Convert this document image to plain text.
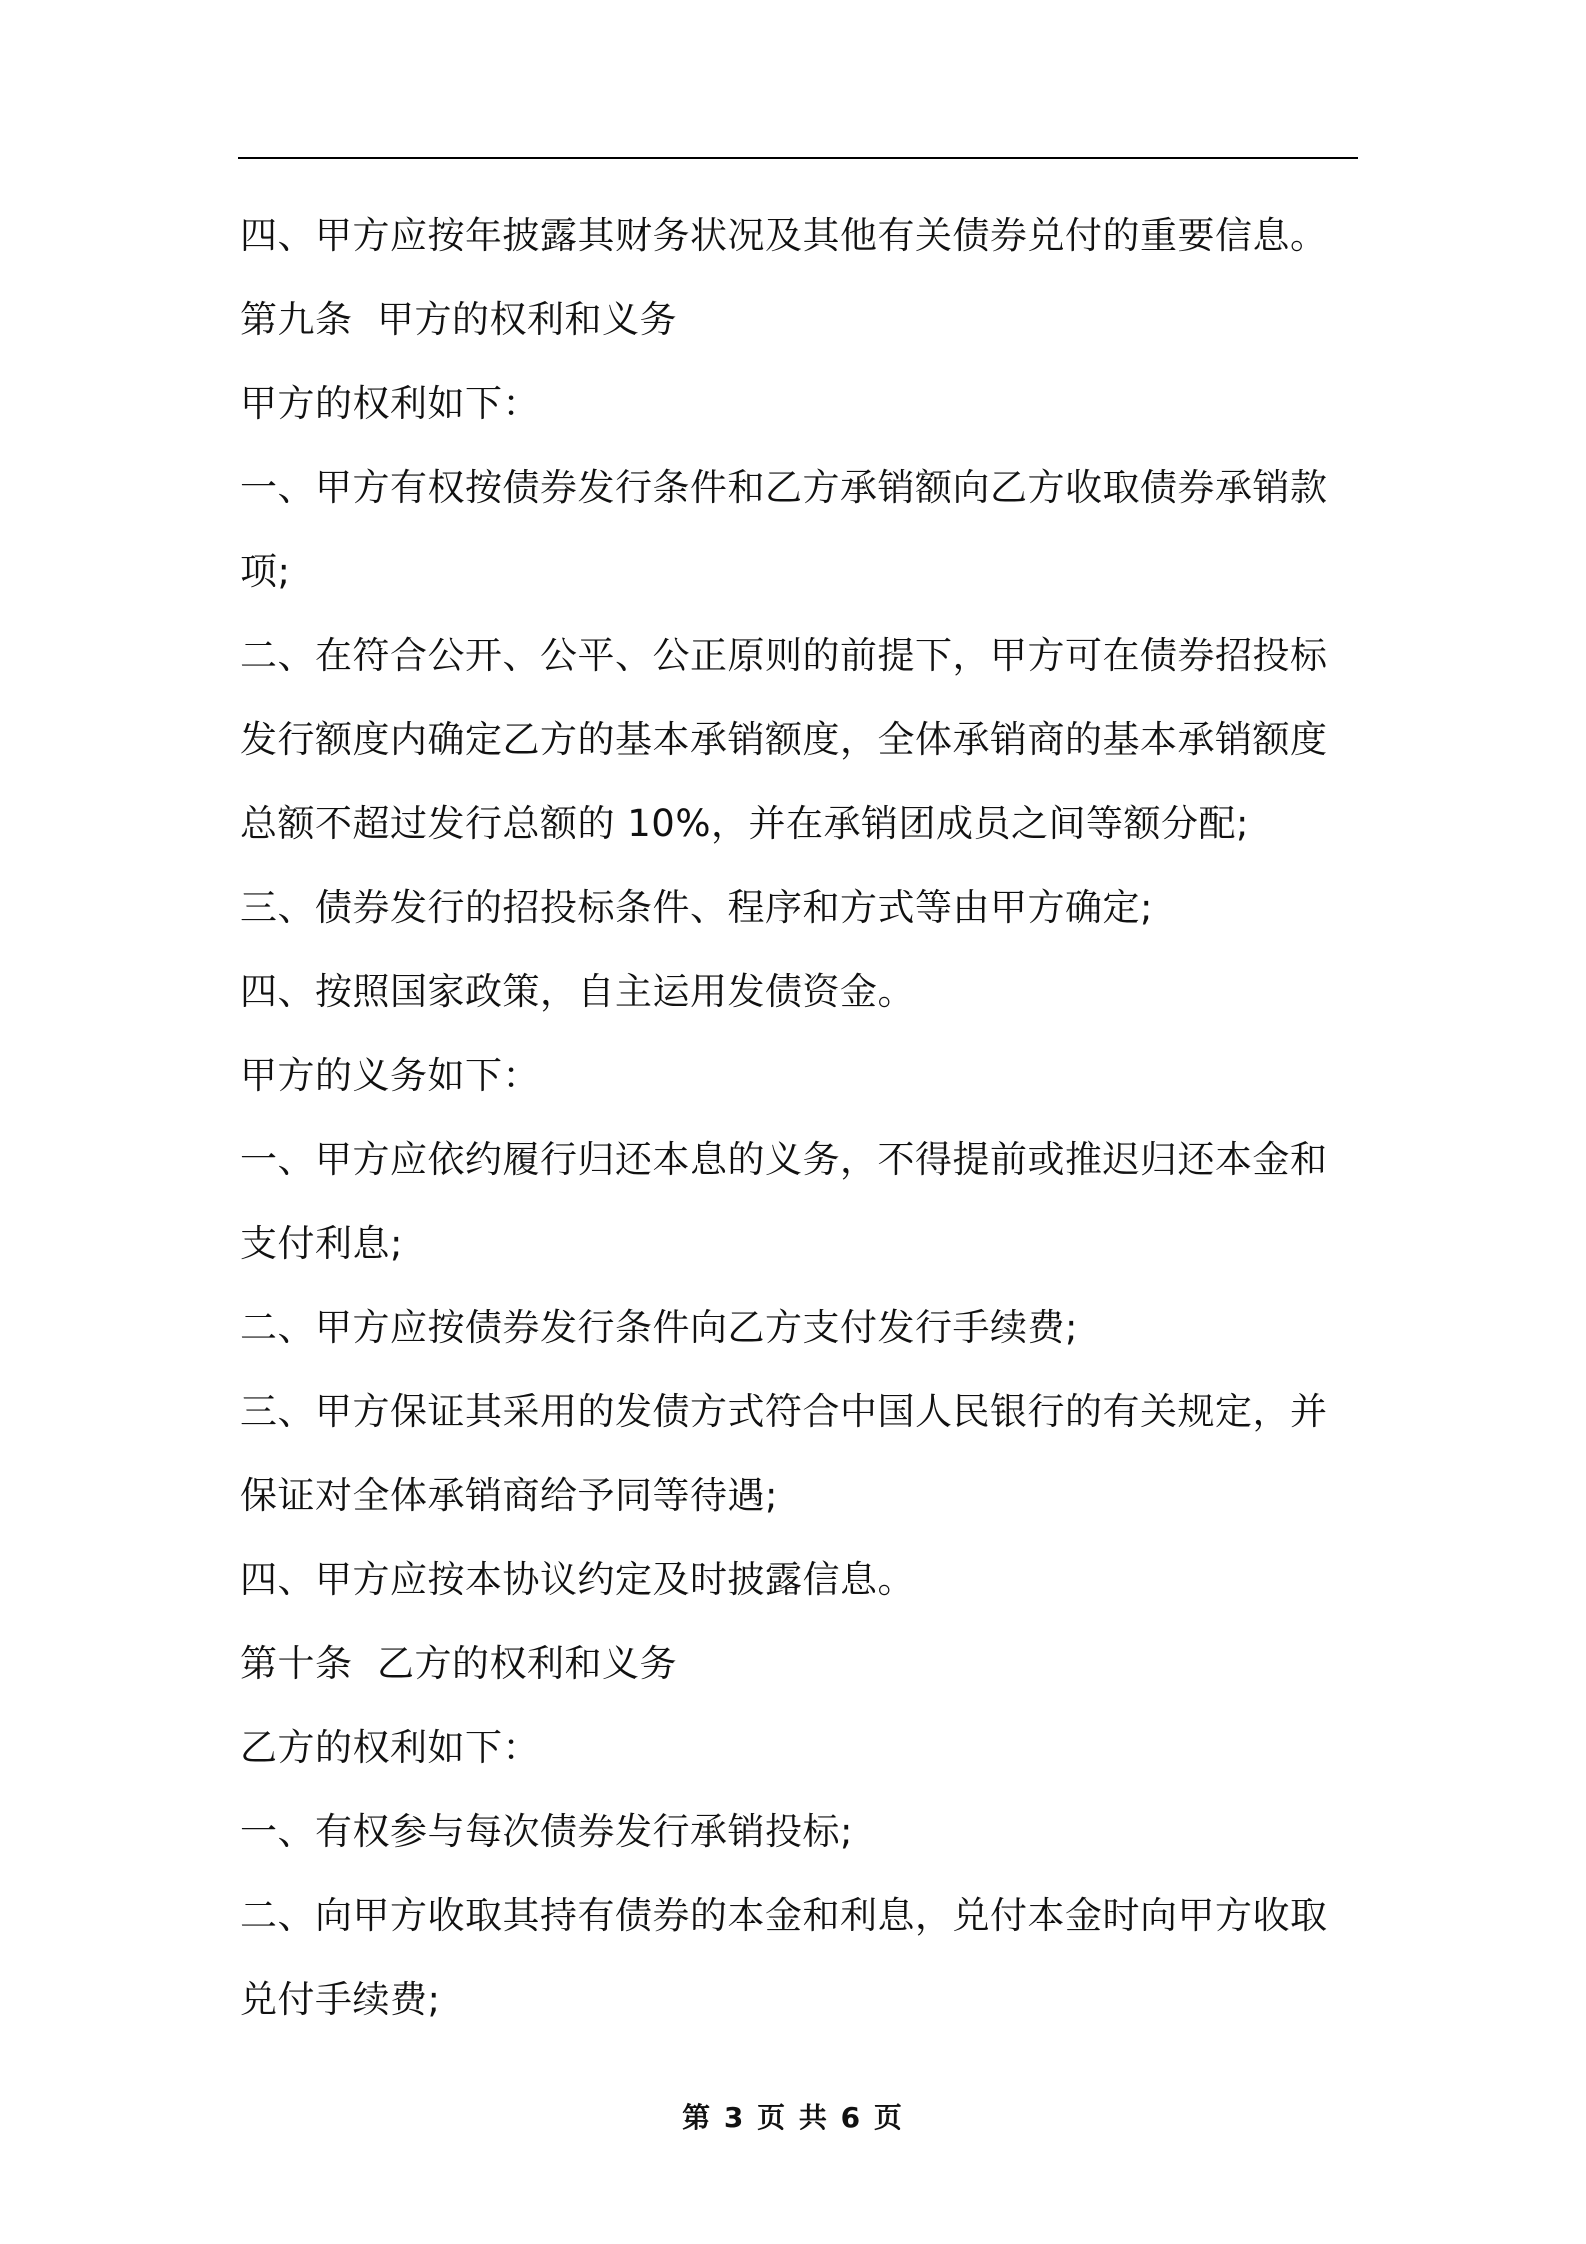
四、甲方应按年披露其财务状况及其他有关债券兑付的重要信息。

第九条  甲方的权利和义务

甲方的权利如下：

一、甲方有权按债券发行条件和乙方承销额向乙方收取债券承销款项;

二、在符合公开、公平、公正原则的前提下，甲方可在债券招投标发行额度内确定乙方的基本承销额度，全体承销商的基本承销额度总额不超过发行总额的 10%，并在承销团成员之间等额分配;

三、债券发行的招投标条件、程序和方式等由甲方确定;

四、按照国家政策，自主运用发债资金。

甲方的义务如下：

一、甲方应依约履行归还本息的义务，不得提前或推迟归还本金和支付利息;

二、甲方应按债券发行条件向乙方支付发行手续费;

三、甲方保证其采用的发债方式符合中国人民银行的有关规定，并保证对全体承销商给予同等待遇;

四、甲方应按本协议约定及时披露信息。

第十条  乙方的权利和义务

乙方的权利如下：

一、有权参与每次债券发行承销投标;

二、向甲方收取其持有债券的本金和利息，兑付本金时向甲方收取兑付手续费;

第 3 页 共 6 页
